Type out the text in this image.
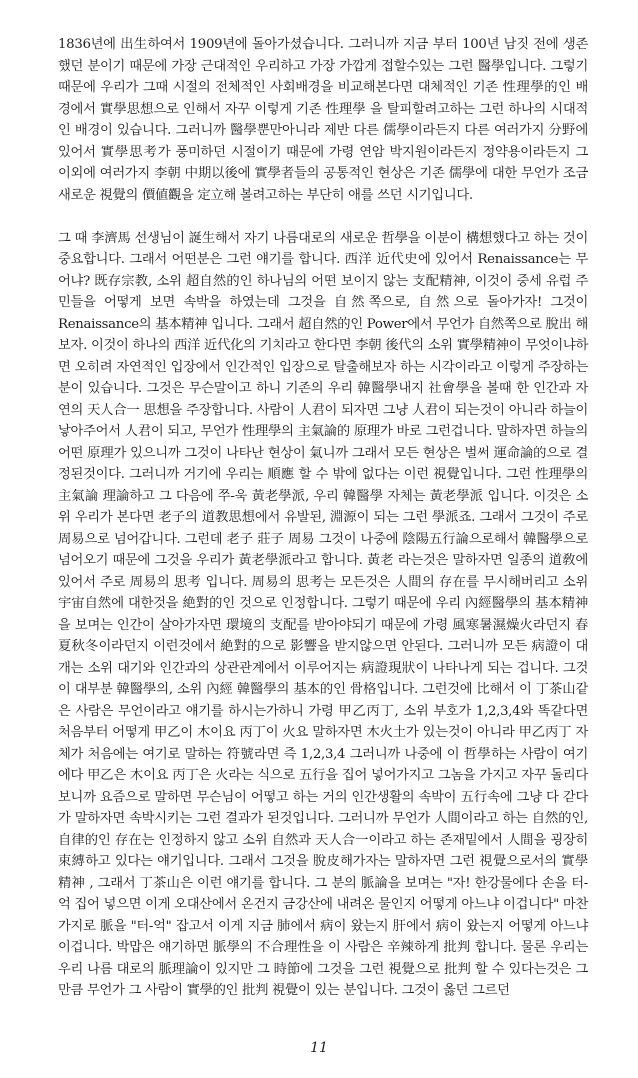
1836년에 出生하여서 1909년에 돌아가셨습니다. 그러니까 지금 부터 100년 남짓 전에 생존했던 분이기 때문에 가장 근대적인 우리하고 가장 가깝게 접할수있는 그런 醫學입니다. 그렇기 때문에 우리가 그때 시절의 전체적인 사회배경을 비교해본다면 대체적인 기존 性理學的인 배경에서 實學思想으로 인해서 자꾸 이렇게 기존 性理學 을 탈피할려고하는 그런 하나의 시대적인 배경이 있습니다. 그러니까 醫學뿐만아니라 제반 다른 儒學이라든지 다른 여러가지 分野에있어서 實學思考가 풍미하던 시절이기 때문에 가령 연암 박지원이라든지 정약용이라든지 그 이외에 여러가지 李朝 中期以後에 實學者들의 공통적인 현상은 기존 儒學에 대한 무언가 조금 새로운 視覺의 價値觀을 定立해 볼려고하는 부단히 애를 쓰던 시기입니다.

그 때 李濟馬 선생님이 誕生해서 자기 나름대로의 새로운 哲學을 이분이 構想했다고 하는 것이 중요합니다. 그래서 어떤분은 그런 얘기를 합니다. 西洋 近代史에 있어서 Renaissance는 무어냐? 既存宗教, 소위 超自然的인 하나님의 어떤 보이지 않는 支配精神, 이것이 중세 유럽 주민들을 어떻게 보면 속박을 하였는데 그것을 自然쪽으로, 自然으로 돌아가자! 그것이 Renaissance의 基本精神 입니다. 그래서 超自然的인 Power에서 무언가 自然쪽으로 脫出 해보자. 이것이 하나의 西洋 近代化의 기치라고 한다면 李朝 後代의 소위 實學精神이 무엇이냐하면 오히려 자연적인 입장에서 인간적인 입장으로 탈출해보자 하는 시각이라고 이렇게 주장하는 분이 있습니다. 그것은 무슨말이고 하니 기존의 우리 韓醫學내지 社會學을 볼때 한 인간과 자연의 天人合一 思想을 주장합니다. 사람이 人君이 되자면 그냥 人君이 되는것이 아니라 하늘이 낳아주어서 人君이 되고, 무언가 性理學의 主氣論的 原理가 바로 그런겁니다. 말하자면 하늘의 어떤 原理가 있으니까 그것이 나타난 현상이 氣니까 그래서 모든 현상은 벌써 運命論的으로 결정된것이다. 그러니까 거기에 우리는 順應 할 수 밖에 없다는 이런 視覺입니다. 그런 性理學의 主氣論 理論하고 그 다음에 쭈-욱 黃老學派, 우리 韓醫學 자체는 黃老學派 입니다. 이것은 소위 우리가 본다면 老子의 道教思想에서 유발된, 淵源이 되는 그런 學派죠. 그래서 그것이 주로 周易으로 넘어갑니다. 그런데 老子 莊子 周易 그것이 나중에 陰陽五行論으로해서 韓醫學으로 넘어오기 때문에 그것을 우리가 黃老學派라고 합니다. 黃老 라는것은 말하자면 일종의 道敎에 있어서 주로 周易의 思考 입니다. 周易의 思考는 모든것은 人間의 存在를 무시해버리고 소위 宇宙自然에 대한것을 絶對的인 것으로 인정합니다. 그렇기 때문에 우리 內經醫學의 基本精神을 보며는 인간이 살아가자면 環境의 支配를 받아야되기 때문에 가령 風寒暑濕燥火라던지 春夏秋冬이라던지 이런것에서 絶對的으로 影響을 받지않으면 안된다. 그러니까 모든 病證이 대개는 소위 대기와 인간과의 상관관계에서 이루어지는 病證現狀이 나타나게 되는 겁니다. 그것이 대부분 韓醫學의, 소위 內經 韓醫學의 基本的인 骨格입니다. 그런것에 比해서 이 丁茶山같은 사람은 무언이라고 얘기를 하시는가하니 가령 甲乙丙丁, 소위 부호가 1,2,3,4와 똑같다면 처음부터 어떻게 甲乙이 木이요 丙丁이 火요 말하자면 木火土가 있는것이 아니라 甲乙丙丁 자체가 처음에는 여기로 말하는 符號라면 즉 1,2,3,4 그러니까 나중에 이 哲學하는 사람이 여기에다 甲乙은 木이요 丙丁은 火라는 식으로 五行을 집어 넣어가지고 그놈을 가지고 자꾸 돌리다 보니까 요즘으로 말하면 무슨님이 어떻고 하는 거의 인간생활의 속박이 五行속에 그냥 다 갇다가 말하자면 속박시키는 그런 결과가 된것입니다. 그러니까 무언가 人間이라고 하는 自然的인, 自律的인 存在는 인정하지 않고 소위 自然과 天人合一이라고 하는 존재밑에서 人間을 굉장히 束縛하고 있다는 얘기입니다. 그래서 그것을 脫皮해가자는 말하자면 그런 視覺으로서의 實學精神 , 그래서 丁茶山은 이런 얘기를 합니다. 그 분의 脈論을 보며는 "자! 한강물에다 손을 터-억 집어 넣으면 이게 오대산에서 온건지 금강산에 내려온 물인지 어떻게 아느냐 이겁니다" 마찬가지로 脈을 "터-억" 잡고서 이게 지금 肺에서 病이 왔는지 肝에서 病이 왔는지 어떻게 아느냐 이겁니다. 박맙은 얘기하면 脈學의 不合理性을 이 사람은 辛辣하게 批判 합니다. 물론 우리는 우리 나름 대로의 脈理論이 있지만 그 時節에 그것을 그런 視覺으로 批判 할 수 있다는것은 그 만큼 무언가 그 사람이 實學的인 批判 視覺이 있는 분입니다. 그것이 옳던 그르던

11
